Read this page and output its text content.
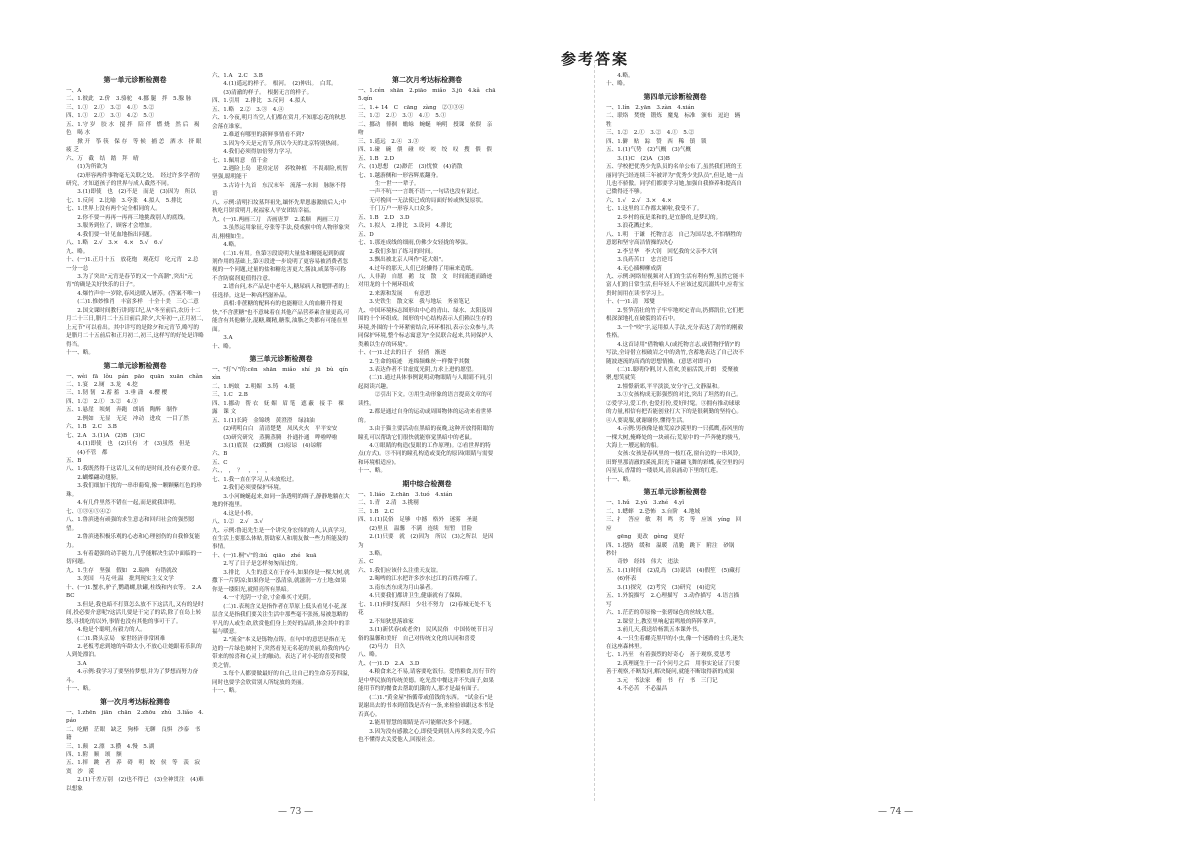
参考答案
第一单元诊断检测卷
一、A
二、1.彼此　2.价　3.骆驼　4.挪 腿　拌　5.腺 脉
三、1.①　2.①　3.②　4.①　5.②
四、1.①　2.①　3.①　4.②　5.①
五、1.守 岁　胶 水　搅 拌　陪 伴　燃 烧　然 后　褐 色　喝 水
　　掀 开　筝 筷　保 存　等 候　捕 恙　洒 水　挤 眼　疲 乏
六、万　截　结　踏　拜　晴
　　(1)为所欲为
　　(2)形容两件事物毫无关联之处。　经过许多学者的研究，才知道孩子的世界与成人截然不同。
　　3.(1)即使　也　(2)不是　而是　(3)因为　所以
七、1.反问　2.比喻　3.夸张　4.拟人　5.排比
七、1.世界上没有两个完全相同的人。
　　2.你不要一再再一再再三地挑战别人的底线。
　　3.服务到位了，顾客才会增加。
　　4.我们要一针见血地指出问题。
八、1.略　2.√　3.×　4.×　5.√　6.√
九、略。
十、(一)1.正月十五　放花炮　观花灯　吃元宵　2.总一分一总
　　3.为了突出"元宵是春节的又一个高潮",突出"元宵"的确是关好快乐的日子"。
　　4.爆竹声中一岁除,春风送暖入屠苏。(答案不唯一)
　　(二)1.惟妙惟肖　丰富多样　十全十美　三心二意
　　2.国文课时间教行讲到江纪,从"冬至前后,农历十二月二十三日,腊月二十五日前后,除夕,大年初一,正月初二,上元节"可以看出。其中详写的是除夕和元宵节,略写的是腊月二十五前后和正月初二,初三,这样写的好处是详略得当。
十一、略。
第二单元诊断检测卷
一、wèi　fā　lǒu　pán　pāo　quān　xuān　chǎn
二、1.宴　2.厕　3.龙　4.挖
三、1.韧 韧　2.蓄 蓄　3.垂 潇　4.樱 樱
四、1.②　2.①　3.②　4.③
五、1.悬崖　顷刻　奔跑　朗诵　陶醉　制作
　　2.例如　无显　无足　冲动　进攻　一目了然
六、1.B　2.C　3.B
七、2.A　3.(1)A　(2)B　(3)C
　　4.(1)即使　也　(2)只有　才　(3)虽然　但是
　　(4)不管　都
五、B
八、1.我既然得千这话儿,又有的是时间,投有必要介意。
　　2.蝴蝶翩动翅膀。
　　3.我们细加干扰的一串串葡萄,像一颗颗紫红色的珍珠。
　　4.有几件里然不错在一起,而是就我讲明。
七、①③⑥⑤④②
八、1.鲁滨逊有顽强的求生意志和回归社会的强烈愿望。
　　2.鲁滨逊积极乐观的心态和心理创伤的自我修复能力。
　　3.有着超强的动手能力,几乎能解决生活中面临的一切问题。
九、1.生存　坚强　假如　2.瑞典　有错就改
　　3.美国　马克·吐温　批判现实主义文学
十、(一)1.蟹水,驴子,鹦鹉螺,肤罐,柱线和内衣等。　2.ABC
　　3.但是,我也暗不打算怎么放不下这活儿,又有的是时间,投必要介意呢?这活儿要是干完了的话,除了在岛上转悠,寻找吃的以外,事情也没有其他的事可干了。
　　4.他是个聪明,有毅力的人。
　　(二)1.降头京局　家世经济非常困难
　　2.老板考虑到她的年龄太小,不放心让她跟着乐队的人到处漂泊。
　　3.A
　　4.示例:我学习了要坚持梦想,并为了梦想而努力奋斗。
十一、略。
第一次月考达标检测卷
一、1.zhēn　jiān　chān　2.zhōu　zhù　3.liǎo　4.páo
二、吃醋　茫眼　缺乏　狗棒　无聊　良惧　沙泰　书籍
三、1.颠　2.漂　3.攒　4.慢　5.湖
四、1.附　顺　颂　额
五、1.摔　跳　者　养　碍　明　皎　侯　等　羡　寂　寞　沙　漠
　　2.(1)千差万别　(2)也不得已　(3)全神贯注　(4)难以想象
六、1.A　2.C　3.B
　　4.(1)遥远的样子。　根河。　(2)伸出。　白茸。
　　(3)清澈的样子。　根据无言的样子。
四、1.引用　2.排比　3.反问　4.拟人
五、1.略　2.②　3.③　4.④
六、1.今夜,明月当空,人们都在赏月,不知那忘花的秋思会落在谁家。
　　2.难道有哪里的新鲜事情看不到?
　　3.因为今天是元宵节,所以今天的北京特别热闹。
　　4.我们必须得加倍努力学习。
七、1.佩用意　值千金
　　2.遇险上岛　建房定居　养牧种植　不畏艰险,机智坚强,聪明能干
　　3.古诗十九首　东汉末年　流落一水间　脉脉不得语
八、示例:清明扫坟墓拜祖先,缅怀先辈恩惠激励后人;中秋吃月饼赏明月,祝福家人平安团结幸福。
九、(一)1.两画三刀　否画唐罗　2.柔顺　两画三刀
　　3.虽然运用象征,夸张等手法,使戏猴中的人物形象突出,栩栩如生。
　　4.略。
　　(二)1.有用。鱼第③段说明大量盐和糖能起到防腐剂作用的基础上,第④段进一步说明了更容易被消费者忽视的一个问题,过量的盐和糖危害更大,酱油,咸菜等可称不含防腐剂更值得注意。
　　2.谱台问,本产品是中老年人,糖尿病人和肥胖者的上佳选择。这是一种高档滋补品。
　　真相:非蔗糖的配料有的也能糖让人的血糖升得更快,"不含蔗糖"也不意味着在其他产品营养素含量更高,可能含有其他糖分,混糖,糊精,糖浆,油脂之类都有可能在里面。
　　3.A
十、略。
第三单元诊断检测卷
一、"打"√"的:cēn　shān　miǎo　shí　jū　bù　qín　xìn
二、1.蚂蚁　2.明媚　3.铸　4.僵
三、1.C　2.B
四、1.挪动　帮 衣　妩 媚　眉 笔　遮 蔽　接 手　裸 露　课 文
五、1.(1)长跨　金锦绣　黄澄澄　绿油油
　　(2)明明白白　清清楚楚　凤凤火火　平平安安
　　(3)研究研究　蒸腾蒸腾　扑通扑通　哗啦哗啦
　　3.(1)底误　(2)戳搁　(3)原谅　(4)谅解
六、B
五、C
六、，　，　？　，　，　，
七、1.我一直在学习,从未放松过。
　　2.我们必须要保护环境。
　　3.小河蜿蜒起来,如同一条透明的绸子,静静地躺在大地的怀抱里。
　　4.这是小桥。
八、1.②　2.√　3.√
九、示例:鲁迅先生是一个讲究身宏伟的的人,认真学习,在生活上要那么体贴,帮助家人和朋友做一些力所能及的事情。
十、(一)1.桐"√"的:liú　qiāo　zhé　kuā
　　2.写了日子是怎样匆匆而过的。
　　3.排比　人生的意义在于奋斗,如果你是一棵大树,就撒下一片阴凉;如果你是一泓清泉,就滋润一方土地;如果你是一缕阳光,就照亮所有黑暗。
　　4.一寸光阴一寸金,寸金难买寸光阴。
　　(二)1.表现含义是指作者在草原上低头看见小花,深层含义是指我们要关注生活中那些毫不张扬,易被忽略的平凡的人或生命,欣赏他们身上美好的品质,体会其中的幸福与暖意。
　　2."流金"本义是铄物点铸。在句中的意思是指在无边的一片绿色映衬下,突然看见无名花的美丽,给我的内心带来的惊喜和心灵上的触动。表达了对小花的喜爱和赞美之情。
　　3.每个人都要做最好的自己,让自己的生命芬芳四溢,同时也要学会欣赏别人所绽放的美丽。
十一、略。
第二次月考达标检测卷
一、1.cén　shān　2.piāo　miǎo　3.jū　4.kǎ　chā　5.qín
二、1.+ 14　C　cāng　zàng　②①③④
三、1.②　2.①　3.①　4.①　5.①
二、挪动　徘徊　蟾蜍　蜿蜒　响明　授课　依偎　亲吻
三、1.遥远　2.④　3.③
四、1.碰　碗　偎　碰　咬　咬　绞　叹　搜　偎　偎
五、1.B　2.D
六、(1)思想　(2)渺茫　(3)忧愤　(4)消散
七、1.越游侧和一形容辉底翻身。
　　　生一世一一辈子。
　　一声不吭一一言既不语一,一句话也没有说过。
　　无可挽回一无法使已成的局面好转或恢复原状。
　　千门万户一形容人口众多。
五、1.B　2.D　3.D
六、1.拟人　2.排比　3.设问　4.排比
五、D
七、1.那连成线的细雨,仿佛少女轻拢的琴弦。
　　2.我们多加了练习的时间。
　　3.飘出被北京人叫作"花大姐"。
　　4.过年的那天,人们已经懒得了用麻来造纸。
八、人非韵　自愿　鹅　坟　散　文　时间流逝而路迹　对用龙的十个闸环组成
　　2.来源和发展　　有意思
　　3.史铁生　散文家　我与地坛　务童笔记
九、中国环境标志图形由中心的青山、绿水、太阳及周围的十个环组成。图形的中心结构表示人们赖以生存的环境,外围的十个环紧密结合,环环相扣,表示公众参与,共同保护环境,整个标志寓意为"全民联合起来,共同保护人类赖以生存的环境"。
十、(一)1.过去的日子　轻俏　渐逐
　　2.生命的痕迹　连绵频蛛丝一样微乎其微
　　3.表达作者不甘虚度光阴,力求上进的愿望。
　　(二)1.通过具体事例说明动物眼睛与人眼睛不同,引起阅读兴趣。
　　　②引出下文。③用生动形象的语言提高文章的可读性。
　　2.都是通过自身的运动或周围物体的运动来看世界的。
　　3.由于猫主要活动在黑暗的夜晚,这种开放得阳眼的瞳孔可以帮助它们很快就能察觉黑暗中的老鼠。
　　4.①眼睛的构造(复眼的工作原理)。②看世界的特点(方式)。③不同的瞳孔构造或变化的原因(眼睛与需要和环境相适应)。
十一、略。
期中综合检测卷
一、1.liáo　2.chān　3.tuó　4.xián
二、1.青　2.清　3.挑剔
三、1.B　2.C
四、1.(1)民俗　足够　中撼　格外　迷雾　圣诞
　　(2)里且　温馨　不满　连续　短暂　冒险
　　2.(1)只要　就　(2)因为　所以　(3)之所以　是因为
　　3.略。
五、C
六、1.我们应该什么注重天友谊。
　　2.喝啤的江水把许多沙水过江的百姓吞噬了。
　　3.南东杰东成为月山暴者。
　　4.只要我们都讲卫生,健康就有了保障。
七、1.(1)何时复西归　少壮不努力　(2)春城无处不飞花
　　2.不知狄思落谁家
　　3.(1)新伏春(或老舍)　民风民俗　中国传统节日习俗的温馨和美好　自己对传统文化的认同和喜爱
　　(2)马力　日久
八、略。
九、(一)1.D　2.A　3.D
　　4.粮食来之不易,请客要吃饭行。爱惜粮食,厉行节约是中华民族的传统美德。吃光盘中餐这并不失面子,如果能用节约的餐食去帮助饥饿的人,那才是最有面子。
　　(二)1."黄金屋"指循带或值钱的东西。　"试金石"是说谢出去的书本到值钱是否有一条,来检验谁跟这本书是否真心。
　　2.能用智慧的眼睛是否可能解决多个问题。
　　3.因为没有感激之心,即使受到别人再多的关爱,今后也不懂得去关爱他人,回报社会。
　　4.略。
十、略。
第四单元诊断检测卷
一、1.lín　2.yān　3.zàn　4.xián
二、联络　焚烧　锻炼　魔鬼　标准　颁布　逗迫　辆牲
三、1.②　2.①　3.②　4.①　5.②
四、1.僻　贴　踪　赞　西　稀　镇　锁
五、1.(1)气势　(2)气概　(3)气概
　　3.(1)C　(2)A　(3)B
五、学校把优秀少先队员的名单公布了,虽然我们班的王丽同学已经连续三年被评为"优秀少先队员",但是,她一点儿也不骄傲。同学们都要学习她,加强自我修养和提高自己微得还不够。
六、1.√　2.√　3.×　4.×
七、1.这里的工作都太累啦,我受不了。
　　2.乡村的夜是柔和的,是宜静的,是梦幻的。
　　3.浪花溅过来。
八、1.明　于谦　托物言志　自己为国尽忠,不怕牺牲的意愿和坚守高洁情操的决心
　　2.李呈华　李大钊　回忆我的父亲李大钊
　　3.良药苦口　忠言逆耳
　　4.无心插柳柳成荫
九、示例:网络短视频对人们的生活有利有弊,虽然它能丰富人们的日常生活,但年轻人不应该过度沉溺其中,应将宝贵时间用在读书学习上。
十、(一)1.清　郑燮
　　2.竖笋茁壮的竹子牢牢地咬定青山,扔掷凯住,它们把根深深地扎在破裂的岩石中。
　　3.一个"咬"字,运用拟人手法,充分表达了劲竹的刚毅性格。
　　4.这首诗用"借物喻人(或托物言志,或借物抒情)"的写法,全诗借立根破岩之中的劲竹,含蓄地表达了自己决不随波逐流的高尚的思想情操。(意思对即可)
　　(二)1.聪明伶俐,讨人喜欢,美丽活泼,开朗　爱聚被聚,想笑就笑
　　2.憧憬新郊,平平淡淡,安分守己,文静温和。
　　3.①女孩构成无影强烈的对比,突出了坦然的自己。②爱学习,爱工作,也爱打扮,爱好时髦。③拥有推动球球的力量,相信有把否能创业打大下的是很刺勤的坚持心。④人要说服,就谢谢你,懂得生活。
　　4.示例:男孩像是被荒凉沙漠里的一只孤鹰,春风里的一棵大树,掩峰处的一块顽石;荒原中的一芦奔驰的骏马,大海上一艘远航的船。
　　女孩:女孩是春风里的一枝红花,窗台边的一串风铃,田野里那清澈的溪流,阳光下翩翩飞舞的彩蝶,夜空里的闪闪星辰,香甜的一缕晨风,清泉涌动下里的红莲。
十一、略。
第五单元诊断检测卷
一、1.hǔ　2.yú　3.zhé　4.yǐ
二、1.蟋蟀　2.恐怖　3.台阶　4.地域
三、扌　答应　敏　利　鸣　劣　等　应该　yíng　回应
　　gēng　更改　gèng　更好
四、1.提防　缓和　温暖　清脆　跳下　附注　砂锅　秒针
　　奇妙　经纬　伟大　违法
五、1.(1)时间　(2)乱岛　(3)说话　(4)假笙　(5)藏打
　　(6)怀表
　　3.(1)探究　(2)考究　(3)研究　(4)追究
五、1.外貌描写　2.心理描写　3.动作描写　4.语言描写
六、1.茫茫的草原像一张碧绿色的丝绒大毯。
　　2.课堂上,教室里响起雷鸣般的阵阵掌声。
　　3.前几天,我送给杨凯五本课外书。
　　4.一只生着螺壳黑甲的小虫,像一个迷路的士兵,迷失在这座森林里。
七、1.冯至　有着强烈的好奇心　善于观察,爱思考
　　2.真理诞生于一百个问号之后　用事实论证了只要善于观察,不断发问,解决疑问,就能不断取得新的成果
　　3.元　书法家　楷　书　行　书　三门记
　　4.不必苦　不必温昌
— 73 —	— 74 —
